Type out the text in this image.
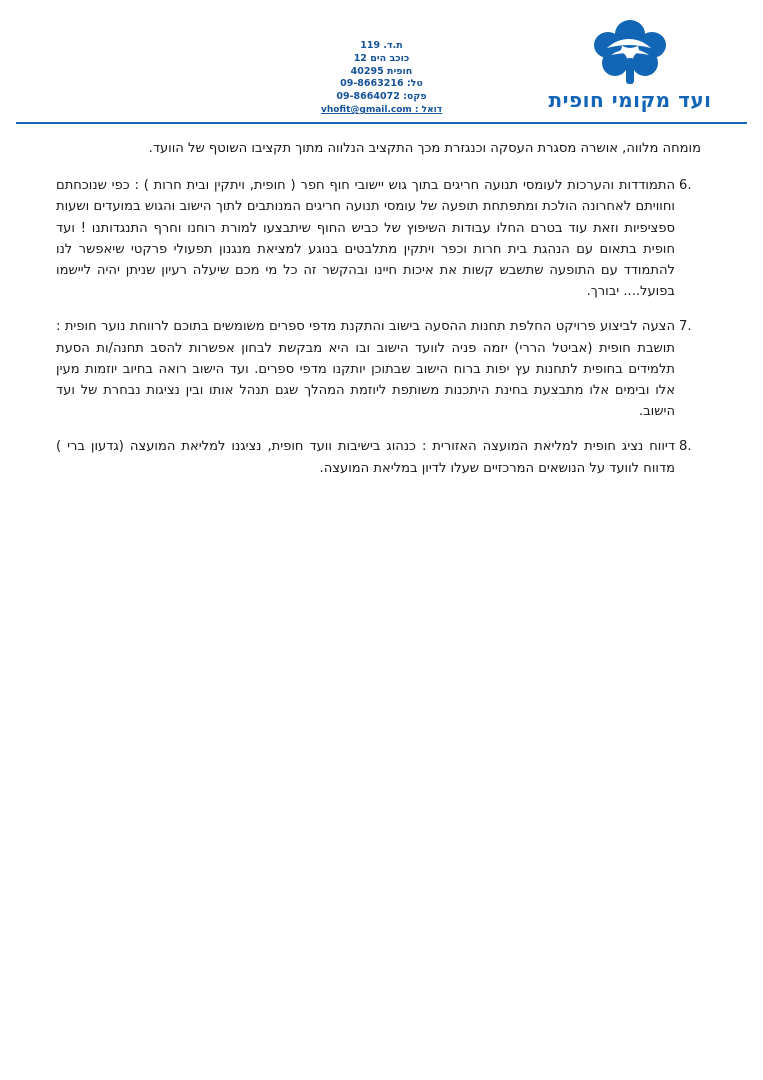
ועד מקומי חופית
ת.ד. 119
כוכב הים 12
חופית 40295
טל: 09-8663216
פקס: 09-8664072
דואל : vhofit@gmail.com

מומחה מלווה, אושרה מסגרת העסקה וכנגזרת מכך התקציב הנלווה מתוך תקציבו השוטף של הוועד.

6.
התמודדות והערכות לעומסי תנועה חריגים בתוך גוש יישובי חוף חפר ( חופית, ויתקין ובית חרות ) : כפי שנוכחתם וחוויתם לאחרונה הולכת ומתפתחת תופעה של עומסי תנועה חריגים המנותבים לתוך הישוב והגוש במועדים ושעות ספציפיות וזאת עוד בטרם החלו עבודות השיפוץ של כביש החוף שיתבצעו למורת רוחנו וחרף התנגדותנו ! ועד חופית בתאום עם הנהגת בית חרות וכפר ויתקין מתלבטים בנוגע למציאת מנגנון תפעולי פרקטי שיאפשר לנו להתמודד עם התופעה שתשבש קשות את איכות חיינו ובהקשר זה כל מי מכם שיעלה רעיון שניתן יהיה ליישמו בפועל.... יבורך.

7.
הצעה לביצוע פרויקט החלפת תחנות ההסעה בישוב והתקנת מדפי ספרים משומשים בתוכם לרווחת נוער חופית : תושבת חופית (אביטל הררי) יזמה פניה לוועד הישוב ובו היא מבקשת לבחון אפשרות להסב תחנה/ות הסעת תלמידים בחופית לתחנות עץ יפות ברוח הישוב שבתוכן יותקנו מדפי ספרים. ועד הישוב רואה בחיוב יוזמות מעין אלו ובימים אלו מתבצעת בחינת היתכנות משותפת ליוזמת המהלך שגם תנהל אותו ובין נציגות נבחרת של ועד הישוב.

8.
דיווח נציג חופית למליאת המועצה האזורית : כנהוג בישיבות וועד חופית, נציגנו למליאת המועצה (גדעון ברי ) מדווח לוועד על הנושאים המרכזיים שעלו לדיון במליאת המועצה.
